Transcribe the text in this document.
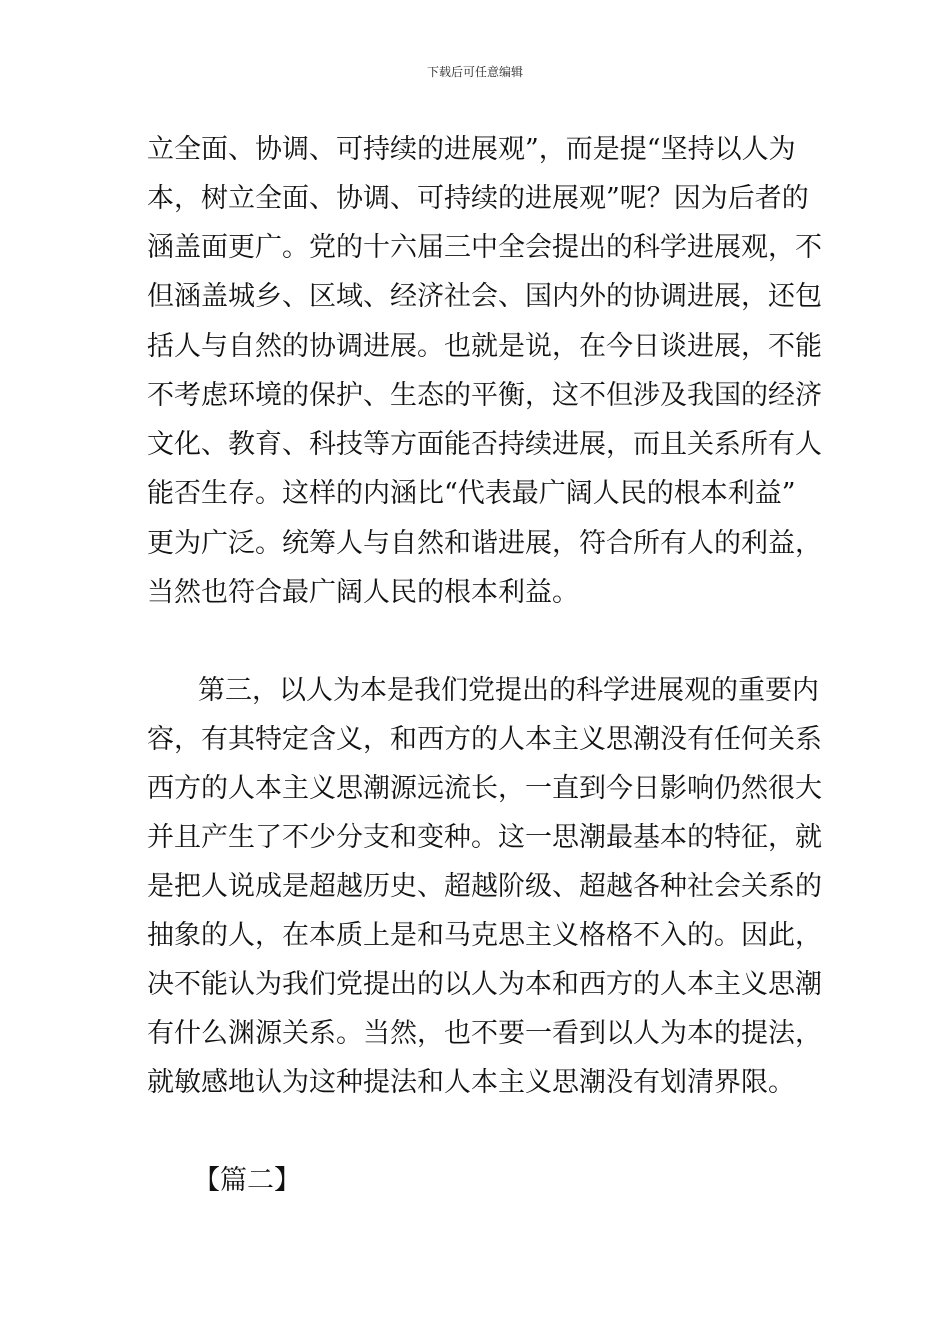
下载后可任意编辑
立全面、协调、可持续的进展观”，而是提“坚持以人为
本，树立全面、协调、可持续的进展观”呢？因为后者的
涵盖面更广。党的十六届三中全会提出的科学进展观，不
但涵盖城乡、区域、经济社会、国内外的协调进展，还包
括人与自然的协调进展。也就是说，在今日谈进展，不能
不考虑环境的保护、生态的平衡，这不但涉及我国的经济
文化、教育、科技等方面能否持续进展，而且关系所有人
能否生存。这样的内涵比“代表最广阔人民的根本利益”
更为广泛。统筹人与自然和谐进展，符合所有人的利益，
当然也符合最广阔人民的根本利益。
第三，以人为本是我们党提出的科学进展观的重要内
容，有其特定含义，和西方的人本主义思潮没有任何关系
西方的人本主义思潮源远流长，一直到今日影响仍然很大
并且产生了不少分支和变种。这一思潮最基本的特征，就
是把人说成是超越历史、超越阶级、超越各种社会关系的
抽象的人，在本质上是和马克思主义格格不入的。因此，
决不能认为我们党提出的以人为本和西方的人本主义思潮
有什么渊源关系。当然，也不要一看到以人为本的提法，
就敏感地认为这种提法和人本主义思潮没有划清界限。
【篇二】
